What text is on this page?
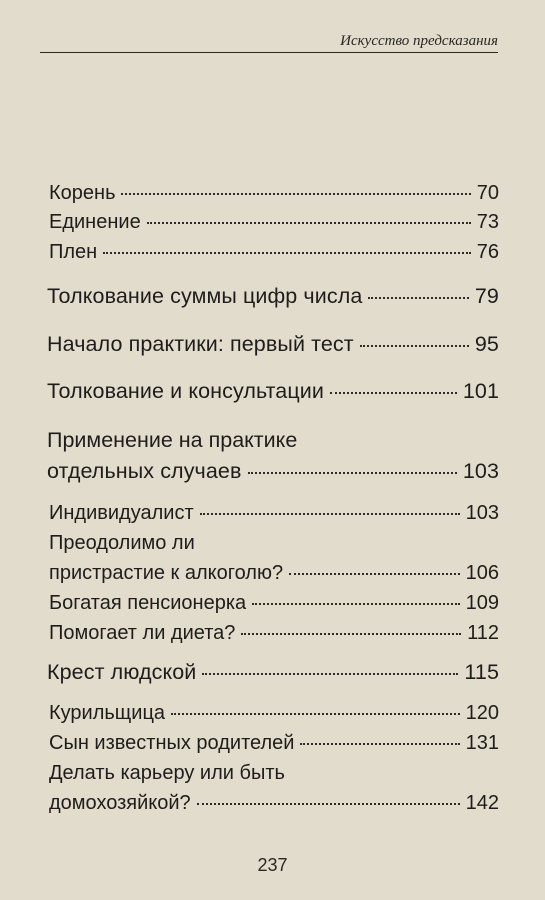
Искусство предсказания
Корень	70
Единение	73
Плен	76
Толкование суммы цифр числа	79
Начало практики: первый тест	95
Толкование и консультации	101
Применение на практике
отдельных случаев	103
Индивидуалист	103
Преодолимо ли
пристрастие к алкоголю?	106
Богатая пенсионерка	109
Помогает ли диета?	112
Крест людской	115
Курильщица	120
Сын известных родителей	131
Делать карьеру или быть
домохозяйкой?	142
237
